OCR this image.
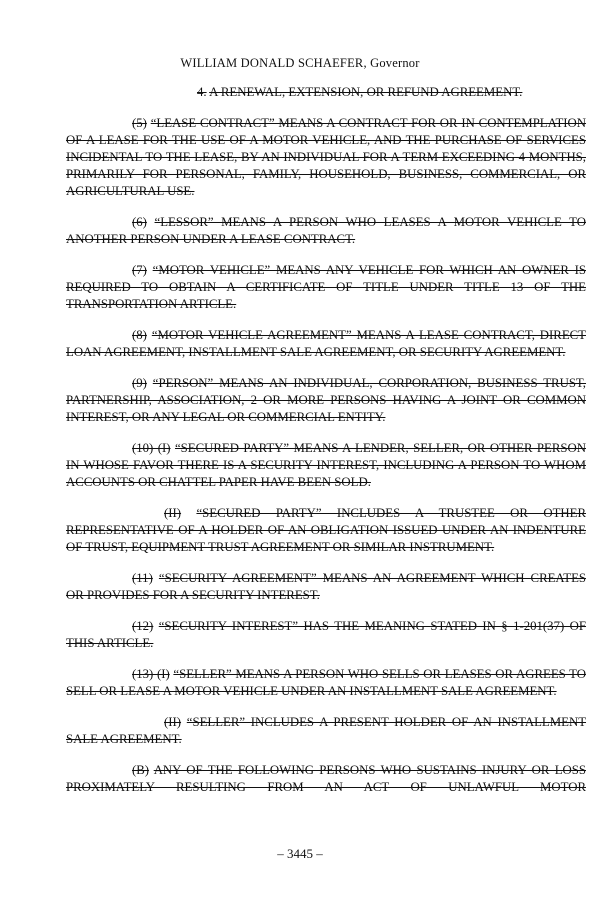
WILLIAM DONALD SCHAEFER, Governor

4. A RENEWAL, EXTENSION, OR REFUND AGREEMENT.

(5) “LEASE CONTRACT” MEANS A CONTRACT FOR OR IN CONTEMPLATION OF A LEASE FOR THE USE OF A MOTOR VEHICLE, AND THE PURCHASE OF SERVICES INCIDENTAL TO THE LEASE, BY AN INDIVIDUAL FOR A TERM EXCEEDING 4 MONTHS, PRIMARILY FOR PERSONAL, FAMILY, HOUSEHOLD, BUSINESS, COMMERCIAL, OR AGRICULTURAL USE.

(6) “LESSOR” MEANS A PERSON WHO LEASES A MOTOR VEHICLE TO ANOTHER PERSON UNDER A LEASE CONTRACT.

(7) “MOTOR VEHICLE” MEANS ANY VEHICLE FOR WHICH AN OWNER IS REQUIRED TO OBTAIN A CERTIFICATE OF TITLE UNDER TITLE 13 OF THE TRANSPORTATION ARTICLE.

(8) “MOTOR VEHICLE AGREEMENT” MEANS A LEASE CONTRACT, DIRECT LOAN AGREEMENT, INSTALLMENT SALE AGREEMENT, OR SECURITY AGREEMENT.

(9) “PERSON” MEANS AN INDIVIDUAL, CORPORATION, BUSINESS TRUST, PARTNERSHIP, ASSOCIATION, 2 OR MORE PERSONS HAVING A JOINT OR COMMON INTEREST, OR ANY LEGAL OR COMMERCIAL ENTITY.

(10) (I) “SECURED PARTY” MEANS A LENDER, SELLER, OR OTHER PERSON IN WHOSE FAVOR THERE IS A SECURITY INTEREST, INCLUDING A PERSON TO WHOM ACCOUNTS OR CHATTEL PAPER HAVE BEEN SOLD.

(II) “SECURED PARTY” INCLUDES A TRUSTEE OR OTHER REPRESENTATIVE OF A HOLDER OF AN OBLIGATION ISSUED UNDER AN INDENTURE OF TRUST, EQUIPMENT TRUST AGREEMENT OR SIMILAR INSTRUMENT.

(11) “SECURITY AGREEMENT” MEANS AN AGREEMENT WHICH CREATES OR PROVIDES FOR A SECURITY INTEREST.

(12) “SECURITY INTEREST” HAS THE MEANING STATED IN § 1-201(37) OF THIS ARTICLE.

(13) (I) “SELLER” MEANS A PERSON WHO SELLS OR LEASES OR AGREES TO SELL OR LEASE A MOTOR VEHICLE UNDER AN INSTALLMENT SALE AGREEMENT.

(II) “SELLER” INCLUDES A PRESENT HOLDER OF AN INSTALLMENT SALE AGREEMENT.

(B) ANY OF THE FOLLOWING PERSONS WHO SUSTAINS INJURY OR LOSS PROXIMATELY RESULTING FROM AN ACT OF UNLAWFUL MOTOR

– 3445 –
